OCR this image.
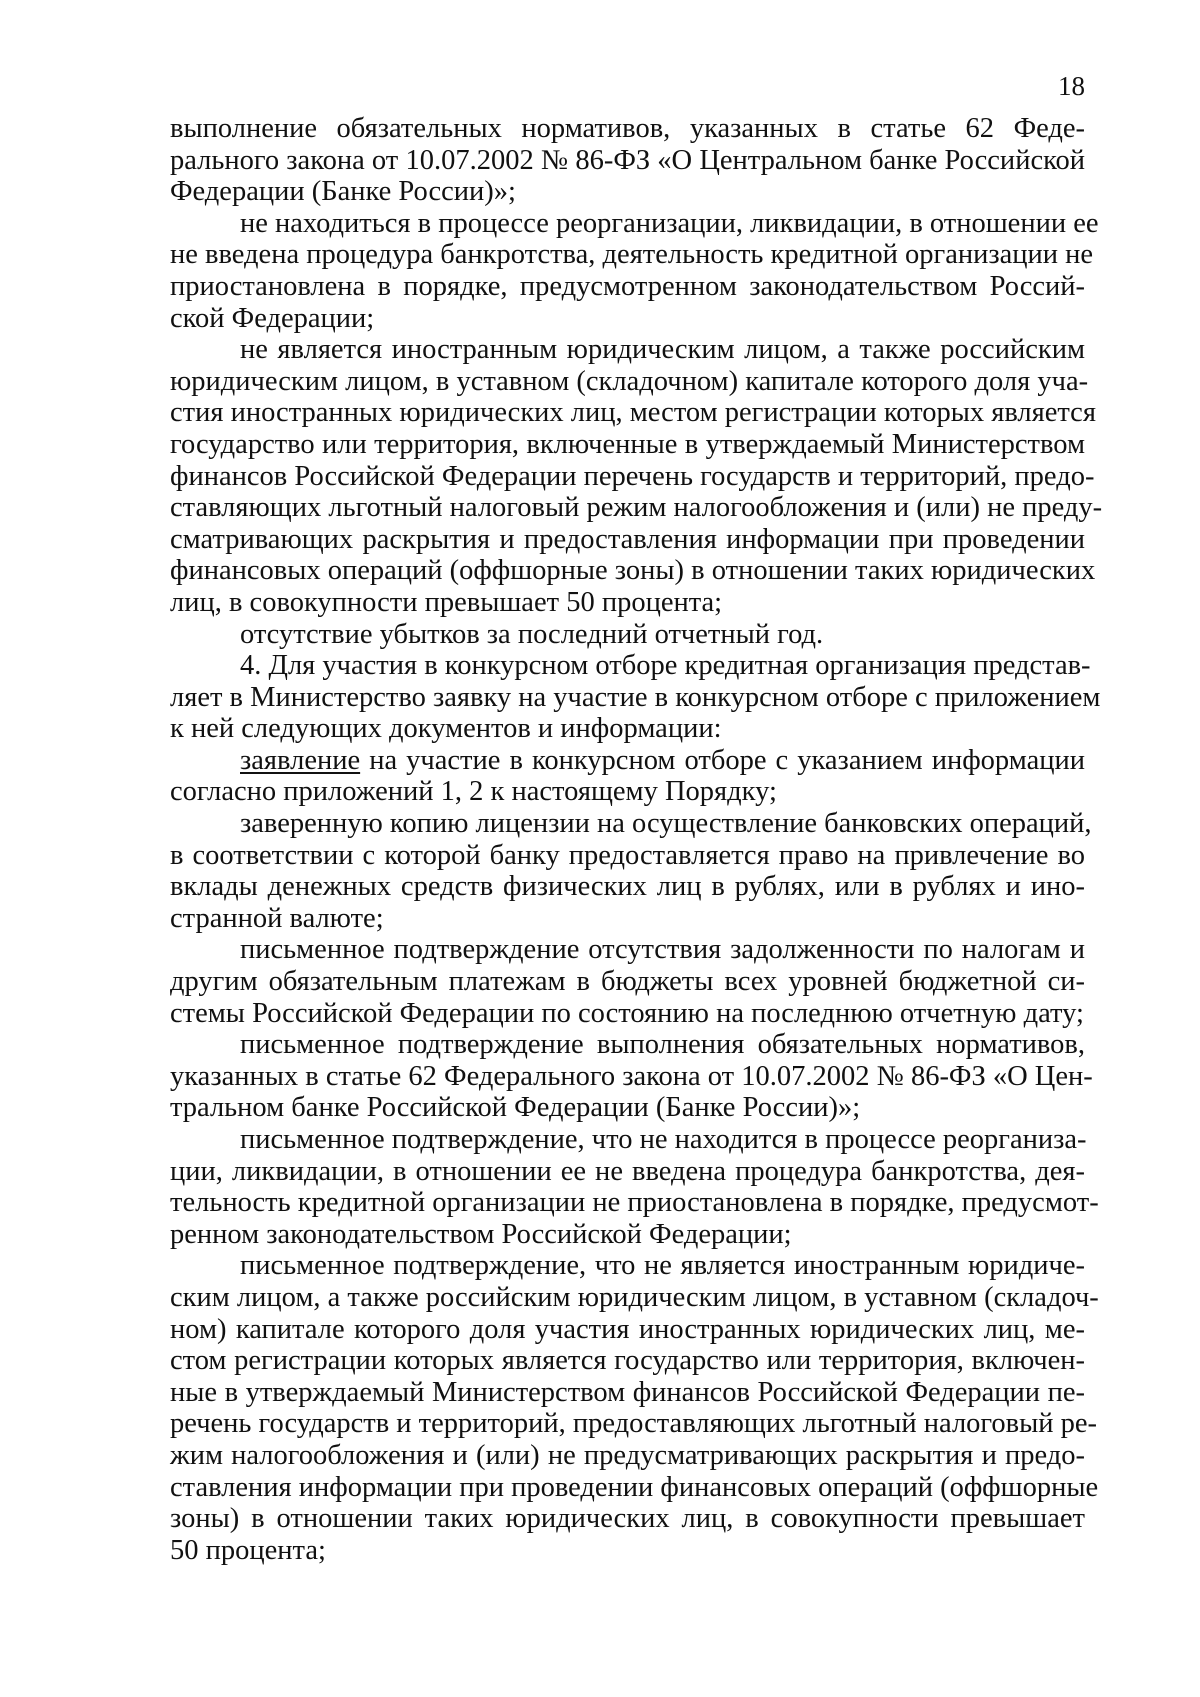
18
выполнение обязательных нормативов, указанных в статье 62 Феде-
рального закона от 10.07.2002 № 86-ФЗ «О Центральном банке Российской
Федерации (Банке России)»;
не находиться в процессе реорганизации, ликвидации, в отношении ее
не введена процедура банкротства, деятельность кредитной организации не
приостановлена в порядке, предусмотренном законодательством Россий-
ской Федерации;
не является иностранным юридическим лицом, а также российским
юридическим лицом, в уставном (складочном) капитале которого доля уча-
стия иностранных юридических лиц, местом регистрации которых является
государство или территория, включенные в утверждаемый Министерством
финансов Российской Федерации перечень государств и территорий, предо-
ставляющих льготный налоговый режим налогообложения и (или) не преду-
сматривающих раскрытия и предоставления информации при проведении
финансовых операций (оффшорные зоны) в отношении таких юридических
лиц, в совокупности превышает 50 процента;
отсутствие убытков за последний отчетный год.
4. Для участия в конкурсном отборе кредитная организация представ-
ляет в Министерство заявку на участие в конкурсном отборе с приложением
к ней следующих документов и информации:
заявление на участие в конкурсном отборе с указанием информации
согласно приложений 1, 2 к настоящему Порядку;
заверенную копию лицензии на осуществление банковских операций,
в соответствии с которой банку предоставляется право на привлечение во
вклады денежных средств физических лиц в рублях, или в рублях и ино-
странной валюте;
письменное подтверждение отсутствия задолженности по налогам и
другим обязательным платежам в бюджеты всех уровней бюджетной си-
стемы Российской Федерации по состоянию на последнюю отчетную дату;
письменное подтверждение выполнения обязательных нормативов,
указанных в статье 62 Федерального закона от 10.07.2002 № 86-ФЗ «О Цен-
тральном банке Российской Федерации (Банке России)»;
письменное подтверждение, что не находится в процессе реорганиза-
ции, ликвидации, в отношении ее не введена процедура банкротства, дея-
тельность кредитной организации не приостановлена в порядке, предусмот-
ренном законодательством Российской Федерации;
письменное подтверждение, что не является иностранным юридиче-
ским лицом, а также российским юридическим лицом, в уставном (складоч-
ном) капитале которого доля участия иностранных юридических лиц, ме-
стом регистрации которых является государство или территория, включен-
ные в утверждаемый Министерством финансов Российской Федерации пе-
речень государств и территорий, предоставляющих льготный налоговый ре-
жим налогообложения и (или) не предусматривающих раскрытия и предо-
ставления информации при проведении финансовых операций (оффшорные
зоны) в отношении таких юридических лиц, в совокупности превышает
50 процента;
